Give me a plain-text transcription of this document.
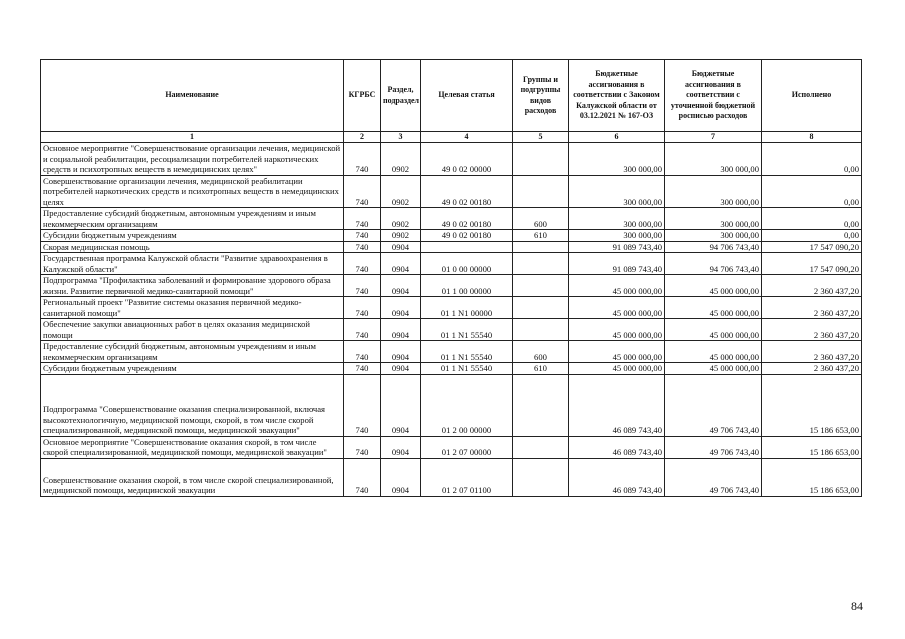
Наименование	КГРБС	Раздел, подраздел	Целевая статья	Группы и подгруппы видов расходов	Бюджетные ассигнования в соответствии с Законом Калужской области от 03.12.2021 № 167-ОЗ	Бюджетные ассигнования в соответствии с уточненной бюджетной росписью расходов	Исполнено
1	2	3	4	5	6	7	8
Основное мероприятие "Совершенствование организации лечения, медицинской и социальной реабилитации, ресоциализации потребителей наркотических средств и психотропных веществ в немедицинских целях"	740	0902	49 0 02 00000		300 000,00	300 000,00	0,00
Совершенствование организации лечения, медицинской реабилитации потребителей наркотических средств и психотропных веществ в немедицинских целях	740	0902	49 0 02 00180		300 000,00	300 000,00	0,00
Предоставление субсидий бюджетным, автономным учреждениям и иным некоммерческим организациям	740	0902	49 0 02 00180	600	300 000,00	300 000,00	0,00
Субсидии бюджетным учреждениям	740	0902	49 0 02 00180	610	300 000,00	300 000,00	0,00
Скорая медицинская помощь	740	0904			91 089 743,40	94 706 743,40	17 547 090,20
Государственная программа Калужской области "Развитие здравоохранения в Калужской области"	740	0904	01 0 00 00000		91 089 743,40	94 706 743,40	17 547 090,20
Подпрограмма "Профилактика заболеваний и формирование здорового образа жизни. Развитие первичной медико-санитарной помощи"	740	0904	01 1 00 00000		45 000 000,00	45 000 000,00	2 360 437,20
Региональный проект "Развитие системы оказания первичной медико-санитарной помощи"	740	0904	01 1 N1 00000		45 000 000,00	45 000 000,00	2 360 437,20
Обеспечение закупки авиационных работ в целях оказания медицинской помощи	740	0904	01 1 N1 55540		45 000 000,00	45 000 000,00	2 360 437,20
Предоставление субсидий бюджетным, автономным учреждениям и иным некоммерческим организациям	740	0904	01 1 N1 55540	600	45 000 000,00	45 000 000,00	2 360 437,20
Субсидии бюджетным учреждениям	740	0904	01 1 N1 55540	610	45 000 000,00	45 000 000,00	2 360 437,20
Подпрограмма "Совершенствование оказания специализированной, включая высокотехнологичную, медицинской помощи, скорой, в том числе скорой специализированной, медицинской помощи, медицинской эвакуации"	740	0904	01 2 00 00000		46 089 743,40	49 706 743,40	15 186 653,00
Основное мероприятие "Совершенствование оказания скорой, в том числе скорой специализированной, медицинской помощи, медицинской эвакуации"	740	0904	01 2 07 00000		46 089 743,40	49 706 743,40	15 186 653,00
Совершенствование оказания скорой, в том числе скорой специализированной, медицинской помощи, медицинской эвакуации	740	0904	01 2 07 01100		46 089 743,40	49 706 743,40	15 186 653,00
84
